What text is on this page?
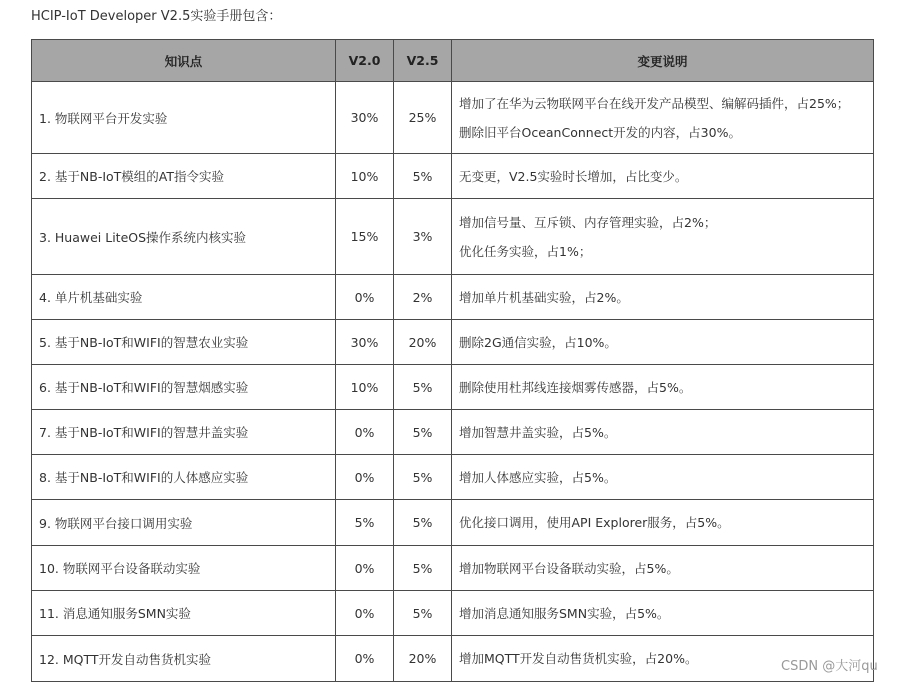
HCIP-IoT Developer V2.5实验手册包含：
知识点	V2.0	V2.5	变更说明
1. 物联网平台开发实验	30%	25%	增加了在华为云物联网平台在线开发产品模型、编解码插件，占25%；
删除旧平台OceanConnect开发的内容，占30%。

2. 基于NB-IoT模组的AT指令实验	10%	5%	无变更，V2.5实验时长增加，占比变少。

3. Huawei LiteOS操作系统内核实验	15%	3%	增加信号量、互斥锁、内存管理实验，占2%；
优化任务实验，占1%；

4. 单片机基础实验	0%	2%	增加单片机基础实验，占2%。

5. 基于NB-IoT和WIFI的智慧农业实验	30%	20%	删除2G通信实验，占10%。

6. 基于NB-IoT和WIFI的智慧烟感实验	10%	5%	删除使用杜邦线连接烟雾传感器，占5%。

7. 基于NB-IoT和WIFI的智慧井盖实验	0%	5%	增加智慧井盖实验，占5%。

8. 基于NB-IoT和WIFI的人体感应实验	0%	5%	增加人体感应实验，占5%。

9. 物联网平台接口调用实验	5%	5%	优化接口调用，使用API Explorer服务，占5%。

10. 物联网平台设备联动实验	0%	5%	增加物联网平台设备联动实验，占5%。

11. 消息通知服务SMN实验	0%	5%	增加消息通知服务SMN实验，占5%。

12. MQTT开发自动售货机实验	0%	20%	增加MQTT开发自动售货机实验，占20%。
CSDN @大河qu
